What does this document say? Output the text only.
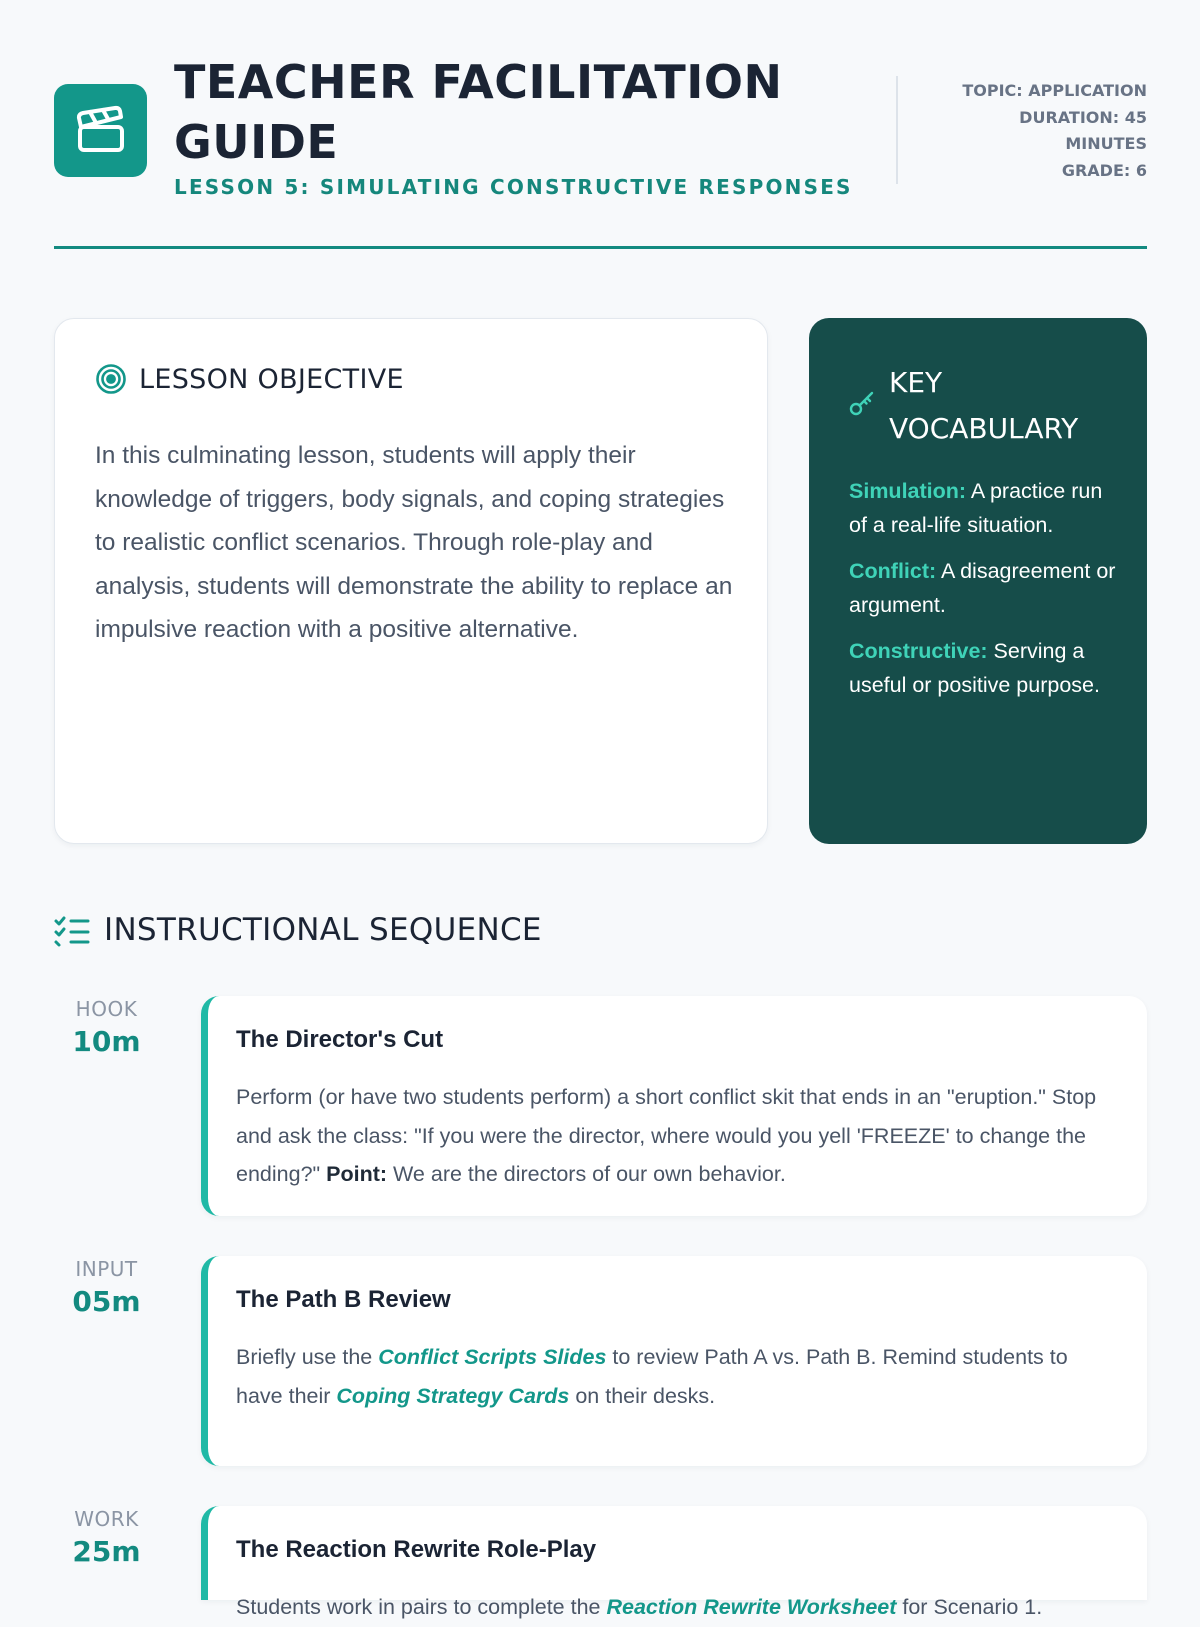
TEACHER FACILITATION GUIDE
LESSON 5: SIMULATING CONSTRUCTIVE RESPONSES
TOPIC: APPLICATION
DURATION: 45
MINUTES
GRADE: 6
LESSON OBJECTIVE
In this culminating lesson, students will apply their knowledge of triggers, body signals, and coping strategies to realistic conflict scenarios. Through role-play and analysis, students will demonstrate the ability to replace an impulsive reaction with a positive alternative.
KEY VOCABULARY
Simulation: A practice run of a real-life situation.
Conflict: A disagreement or argument.
Constructive: Serving a useful or positive purpose.
INSTRUCTIONAL SEQUENCE
HOOK
10m	The Director's Cut
Perform (or have two students perform) a short conflict skit that ends in an "eruption." Stop and ask the class: "If you were the director, where would you yell 'FREEZE' to change the ending?" Point: We are the directors of our own behavior.
INPUT
05m	The Path B Review
Briefly use the Conflict Scripts Slides to review Path A vs. Path B. Remind students to have their Coping Strategy Cards on their desks.
WORK
25m	The Reaction Rewrite Role-Play
Students work in pairs to complete the Reaction Rewrite Worksheet for Scenario 1.
